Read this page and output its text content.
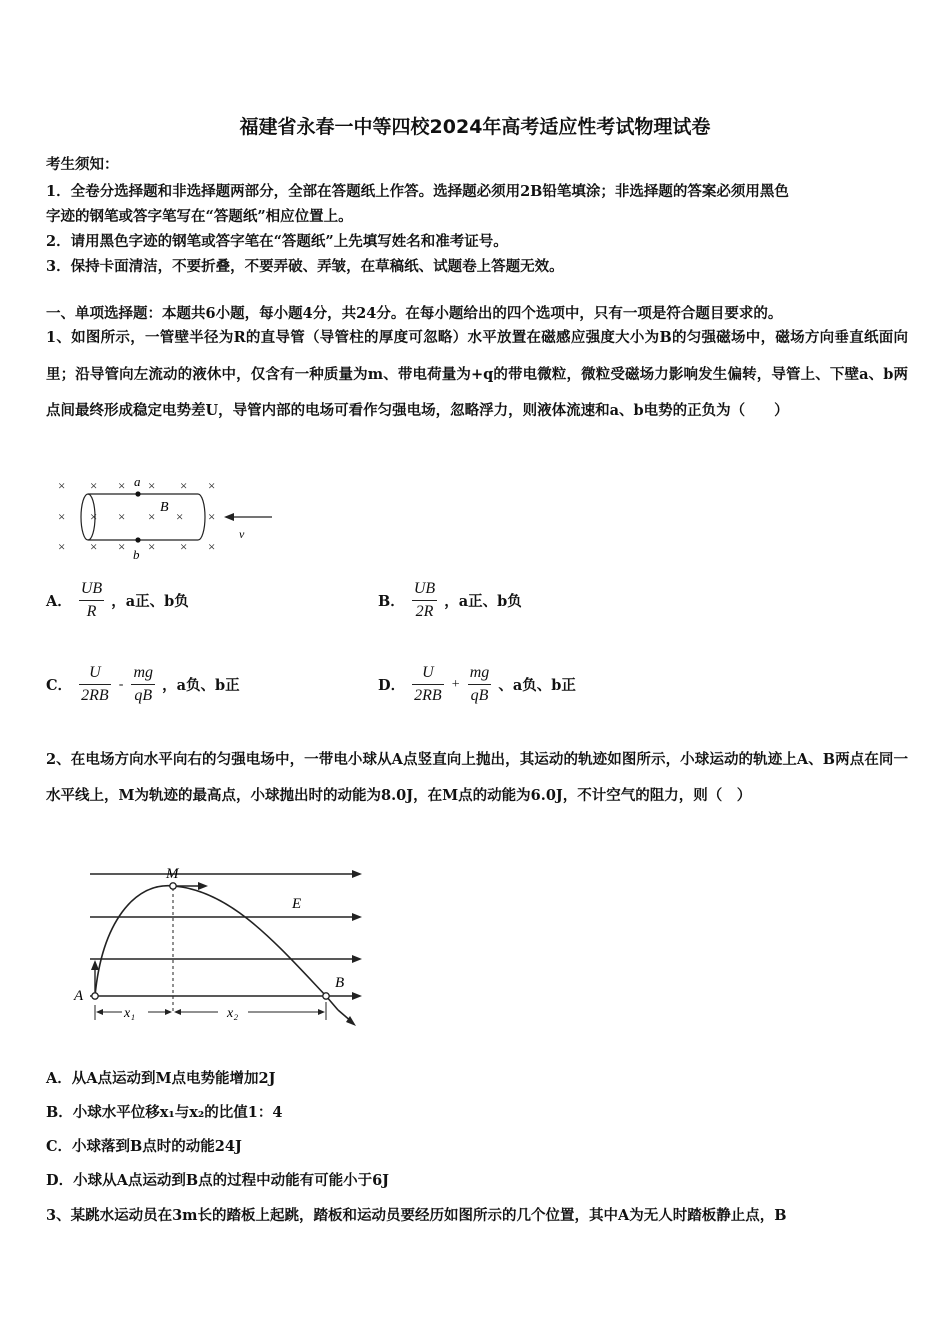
福建省永春一中等四校2024年高考适应性考试物理试卷
考生须知：
1．全卷分选择题和非选择题两部分，全部在答题纸上作答。选择题必须用2B铅笔填涂；非选择题的答案必须用黑色
字迹的钢笔或答字笔写在“答题纸”相应位置上。
2．请用黑色字迹的钢笔或答字笔在“答题纸”上先填写姓名和准考证号。
3．保持卡面清洁，不要折叠，不要弄破、弄皱，在草稿纸、试题卷上答题无效。
一、单项选择题：本题共6小题，每小题4分，共24分。在每小题给出的四个选项中，只有一项是符合题目要求的。
1、如图所示，一管壁半径为R的直导管（导管柱的厚度可忽略）水平放置在磁感应强度大小为B的匀强磁场中，磁场方向垂直纸面向里；沿导管向左流动的液休中，仅含有一种质量为m、带电荷量为+q的带电微粒，微粒受磁场力影响发生偏转，导管上、下壁a、b两点间最终形成稳定电势差U，导管内部的电场可看作匀强电场，忽略浮力，则液体流速和a、b电势的正负为（　　）
× × × × × ×
× × × × × ×
× × × × × ×
a
b
B
v
A． $\frac{UB}{R}$ ，a正、b负	B． $\frac{UB}{2R}$ ，a正、b负
C． $\frac{U}{2RB} - \frac{mg}{qB}$ ，a负、b正	D． $\frac{U}{2RB} + \frac{mg}{qB}$ 、a负、b正
2、在电场方向水平向右的匀强电场中，一带电小球从A点竖直向上抛出，其运动的轨迹如图所示，小球运动的轨迹上A、B两点在同一水平线上，M为轨迹的最高点，小球抛出时的动能为8.0J，在M点的动能为6.0J，不计空气的阻力，则（　）
M
E
A
B
x₁	x₂
A．从A点运动到M点电势能增加2J
B．小球水平位移x₁与x₂的比值1：4
C．小球落到B点时的动能24J
D．小球从A点运动到B点的过程中动能有可能小于6J
3、某跳水运动员在3m长的踏板上起跳，踏板和运动员要经历如图所示的几个位置，其中A为无人时踏板静止点，B
